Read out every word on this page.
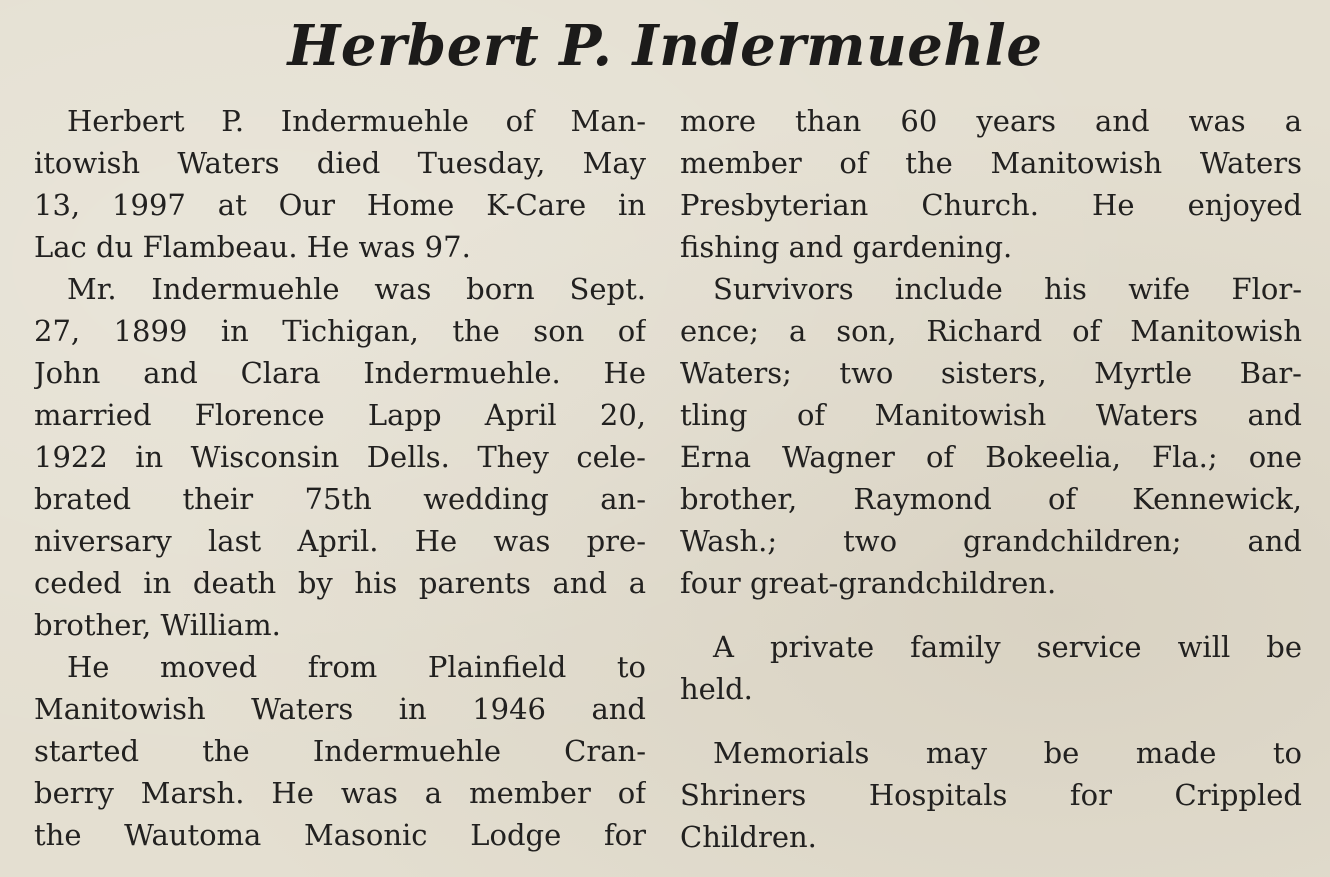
Herbert P. Indermuehle
Herbert P. Indermuehle of Man-
itowish Waters died Tuesday, May
13, 1997 at Our Home K-Care in
Lac du Flambeau. He was 97.
Mr. Indermuehle was born Sept.
27, 1899 in Tichigan, the son of
John and Clara Indermuehle. He
married Florence Lapp April 20,
1922 in Wisconsin Dells. They cele-
brated their 75th wedding an-
niversary last April. He was pre-
ceded in death by his parents and a
brother, William.
He moved from Plainfield to
Manitowish Waters in 1946 and
started the Indermuehle Cran-
berry Marsh. He was a member of
the Wautoma Masonic Lodge for
more than 60 years and was a
member of the Manitowish Waters
Presbyterian Church. He enjoyed
fishing and gardening.
Survivors include his wife Flor-
ence; a son, Richard of Manitowish
Waters; two sisters, Myrtle Bar-
tling of Manitowish Waters and
Erna Wagner of Bokeelia, Fla.; one
brother, Raymond of Kennewick,
Wash.; two grandchildren; and
four great-grandchildren.
A private family service will be
held.
Memorials may be made to
Shriners Hospitals for Crippled
Children.
